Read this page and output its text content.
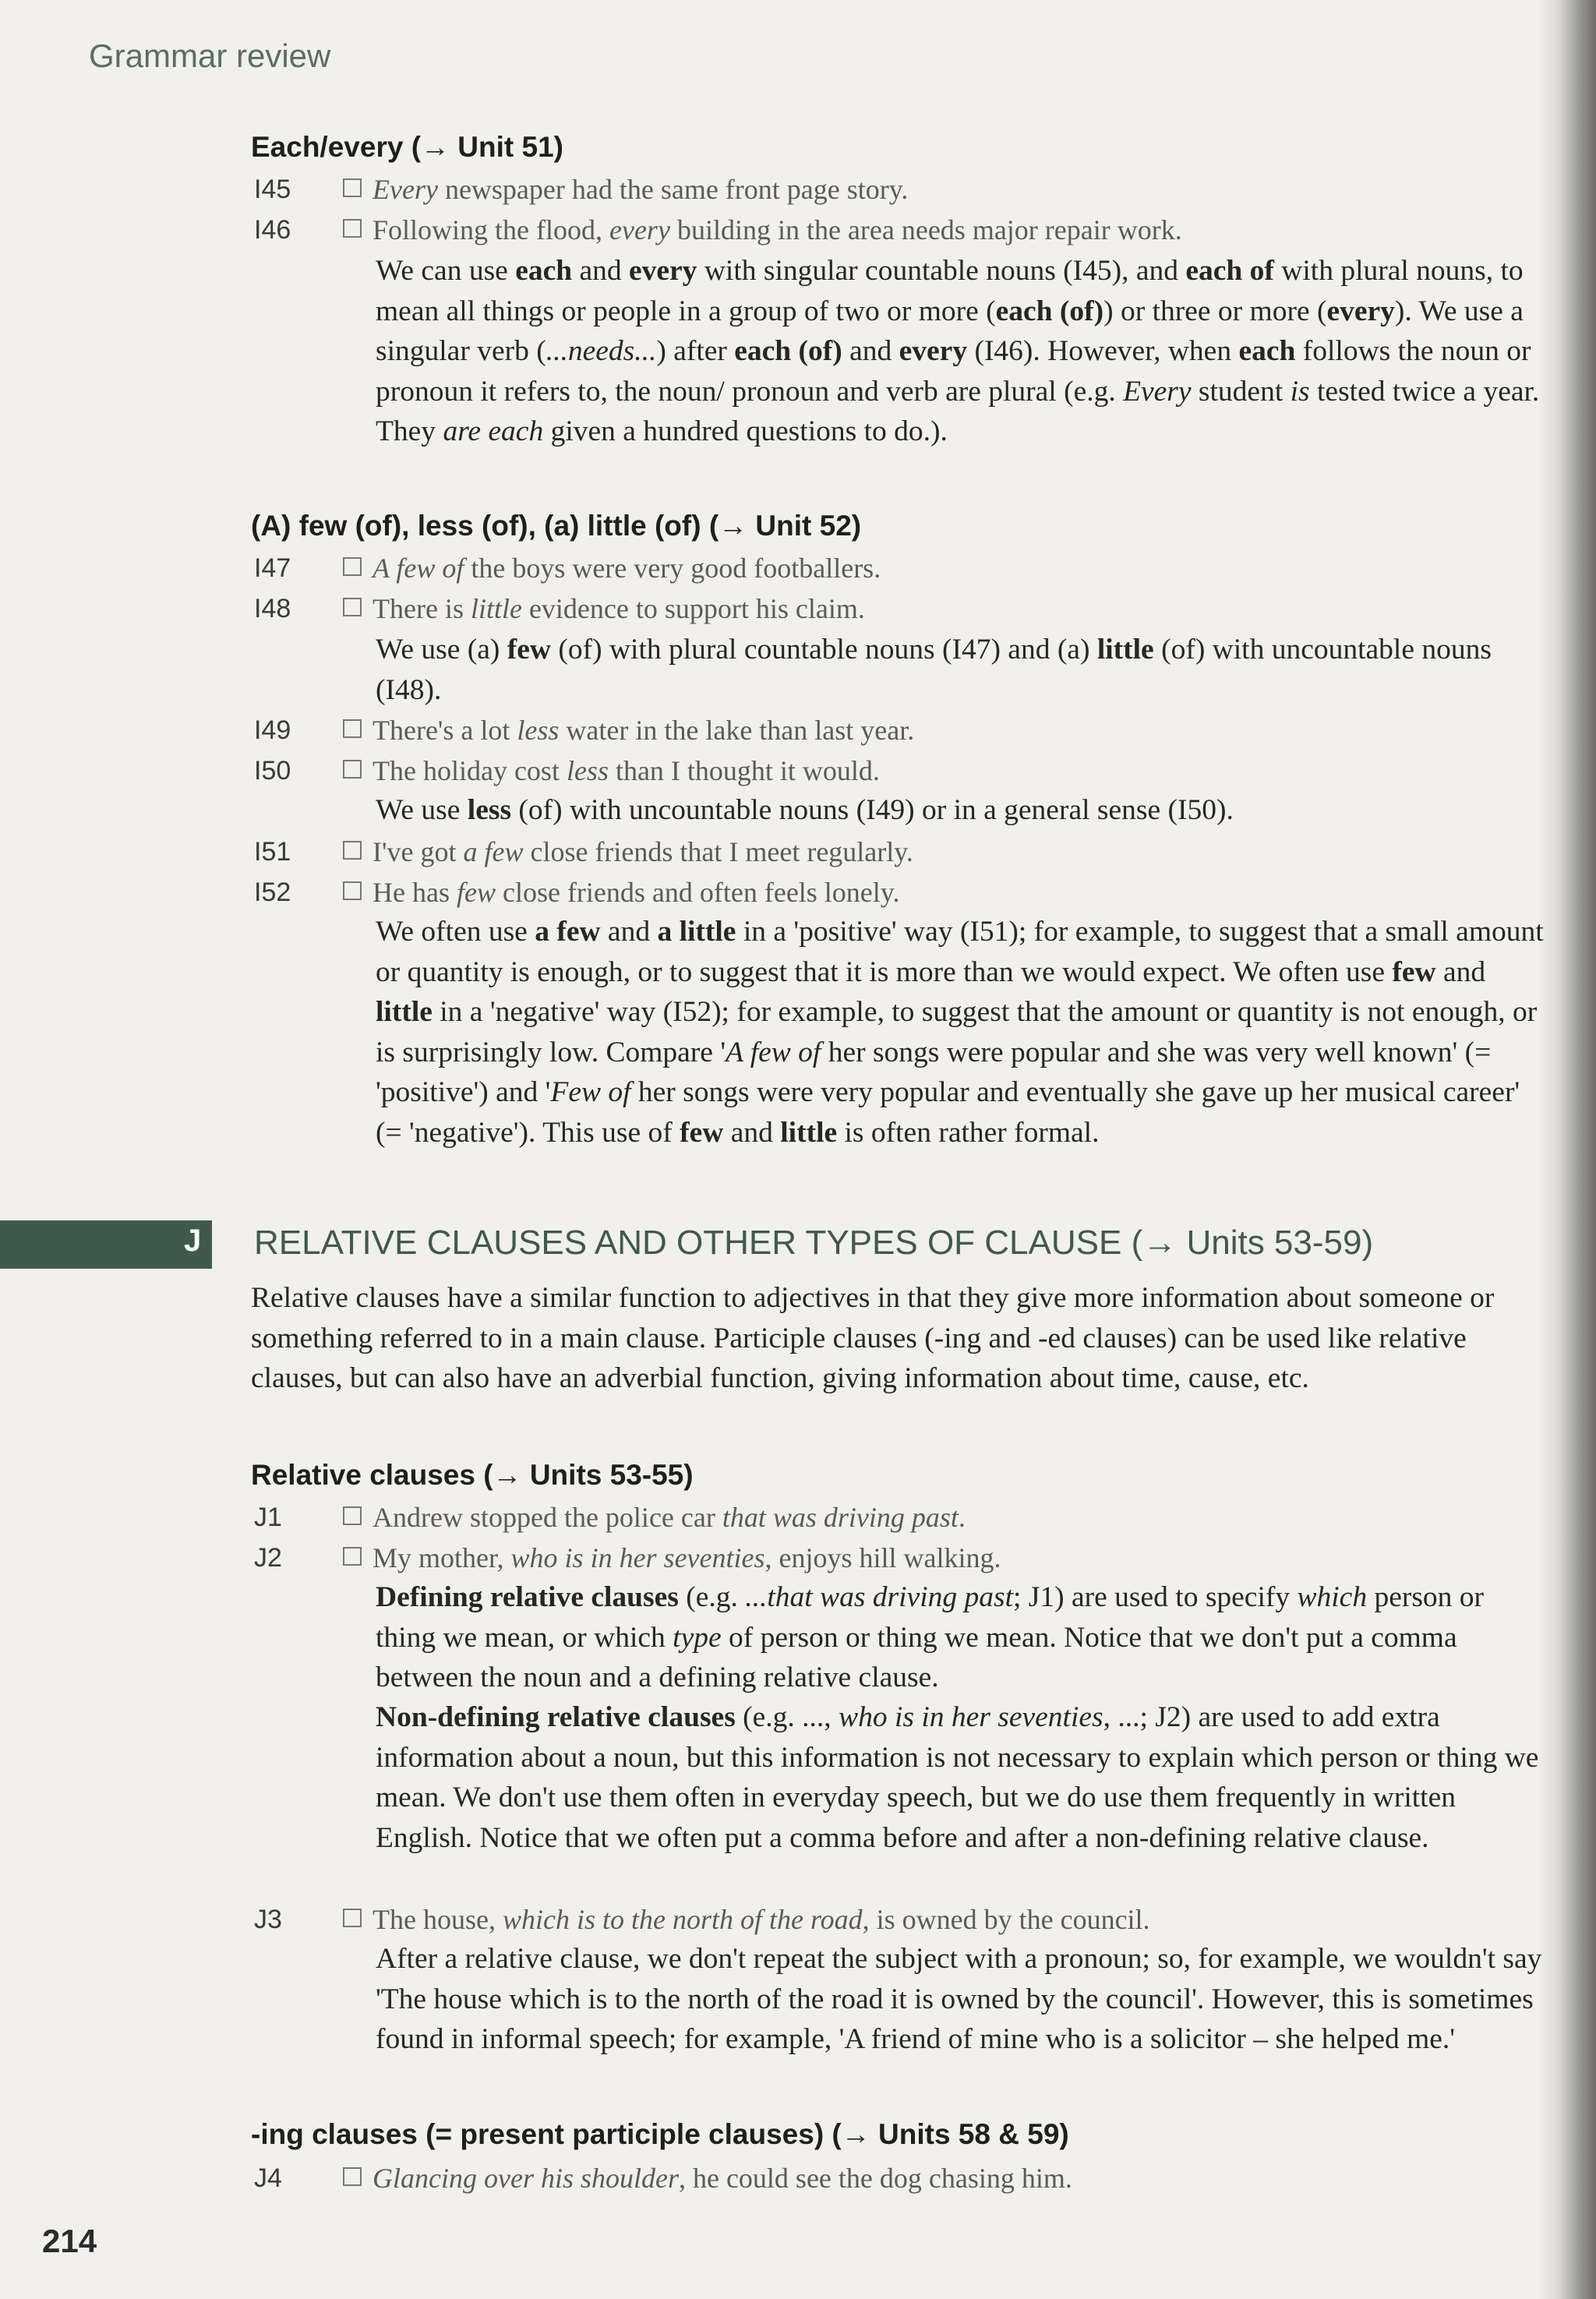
Grammar review
Each/every (→ Unit 51)
I45	Every newspaper had the same front page story.
I46	Following the flood, every building in the area needs major repair work.
We can use each and every with singular countable nouns (I45), and each of with plural nouns, to mean all things or people in a group of two or more (each (of)) or three or more (every). We use a singular verb (...needs...) after each (of) and every (I46). However, when each follows the noun or pronoun it refers to, the noun/ pronoun and verb are plural (e.g. Every student is tested twice a year. They are each given a hundred questions to do.).
(A) few (of), less (of), (a) little (of) (→ Unit 52)
I47	A few of the boys were very good footballers.
I48	There is little evidence to support his claim.
We use (a) few (of) with plural countable nouns (I47) and (a) little (of) with uncountable nouns (I48).
I49	There's a lot less water in the lake than last year.
I50	The holiday cost less than I thought it would.
We use less (of) with uncountable nouns (I49) or in a general sense (I50).
I51	I've got a few close friends that I meet regularly.
I52	He has few close friends and often feels lonely.
We often use a few and a little in a 'positive' way (I51); for example, to suggest that a small amount or quantity is enough, or to suggest that it is more than we would expect. We often use few and little in a 'negative' way (I52); for example, to suggest that the amount or quantity is not enough, or is surprisingly low. Compare 'A few of her songs were popular and she was very well known' (= 'positive') and 'Few of her songs were very popular and eventually she gave up her musical career' (= 'negative'). This use of few and little is often rather formal.
J RELATIVE CLAUSES AND OTHER TYPES OF CLAUSE (→ Units 53-59)
Relative clauses have a similar function to adjectives in that they give more information about someone or something referred to in a main clause. Participle clauses (-ing and -ed clauses) can be used like relative clauses, but can also have an adverbial function, giving information about time, cause, etc.
Relative clauses (→ Units 53-55)
J1	Andrew stopped the police car that was driving past.
J2	My mother, who is in her seventies, enjoys hill walking.
Defining relative clauses (e.g. ...that was driving past; J1) are used to specify which person or thing we mean, or which type of person or thing we mean. Notice that we don't put a comma between the noun and a defining relative clause.
Non-defining relative clauses (e.g. ..., who is in her seventies, ...; J2) are used to add extra information about a noun, but this information is not necessary to explain which person or thing we mean. We don't use them often in everyday speech, but we do use them frequently in written English. Notice that we often put a comma before and after a non-defining relative clause.
J3	The house, which is to the north of the road, is owned by the council.
After a relative clause, we don't repeat the subject with a pronoun; so, for example, we wouldn't say 'The house which is to the north of the road it is owned by the council'. However, this is sometimes found in informal speech; for example, 'A friend of mine who is a solicitor – she helped me.'
-ing clauses (= present participle clauses) (→ Units 58 & 59)
J4	Glancing over his shoulder, he could see the dog chasing him.
214
